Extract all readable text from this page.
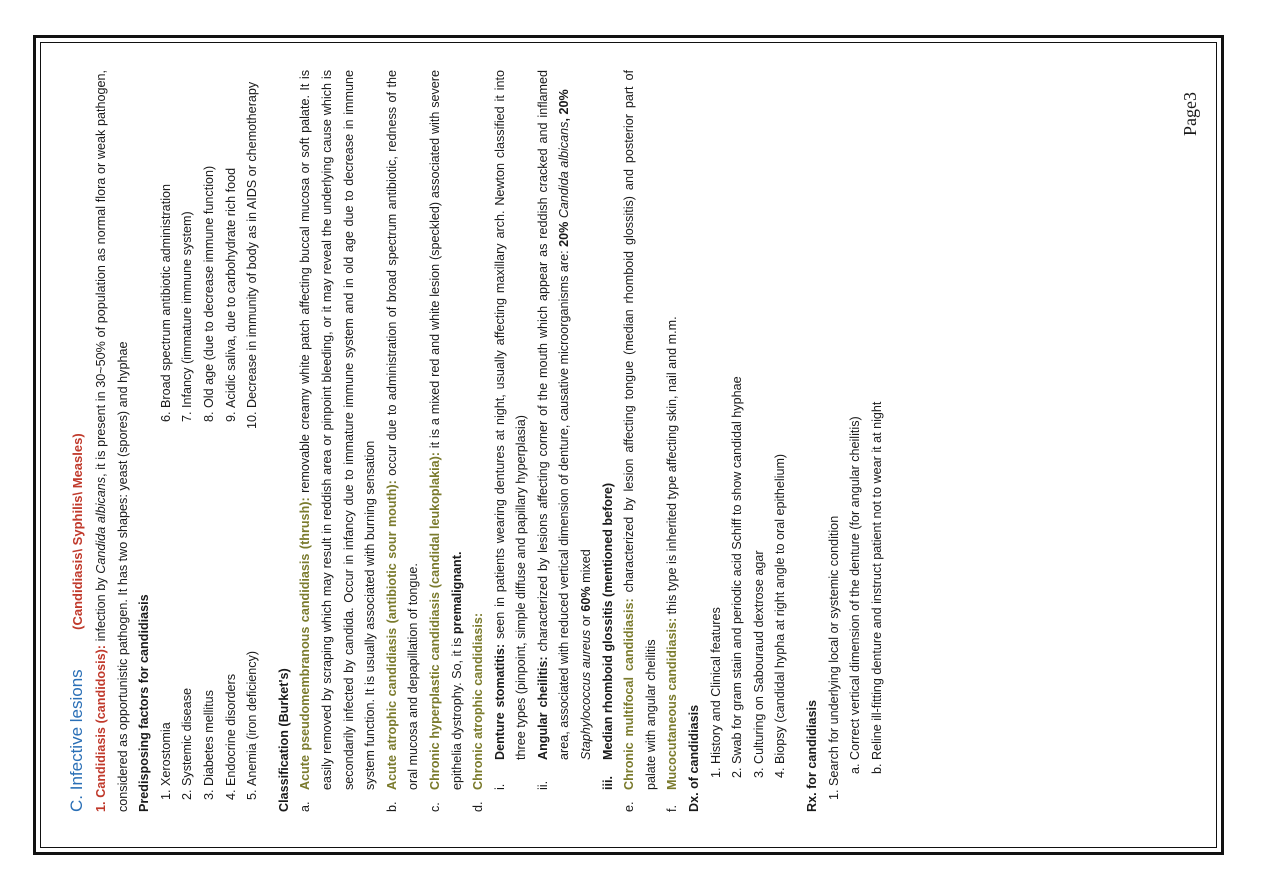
C. Infective lesions  (Candidiasis\ Syphilis\ Measles)

1. Candidiasis (candidosis): infection by Candida albicans, it is present in 30~50% of population as normal flora or weak pathogen, considered as opportunistic pathogen. It has two shapes: yeast (spores) and hyphae Predisposing factors for candidiasis 1. Xerostomia 2. Systemic disease 3. Diabetes mellitus 4. Endocrine disorders 5. Anemia (iron deficiency)
6. Broad spectrum antibiotic administration 7. Infancy (immature immune system) 8. Old age (due to decrease immune function) 9. Acidic saliva, due to carbohydrate rich food 10. Decrease in immunity of body as in AIDS or chemotherapy
Classification (Burket's) a.

Acute pseudomembranous candidiasis (thrush): removable creamy white patch affecting buccal mucosa or soft palate. It is easily removed by scraping which may result in reddish area or pinpoint bleeding, or it may reveal the underlying cause which is secondarily infected by candida. Occur in infancy due to immature immune system and in old age due to decrease in immune system function. It is usually associated with burning sensation

b.

Acute atrophic candidiasis (antibiotic sour mouth): occur due to administration of broad spectrum antibiotic, redness of the oral mucosa and depapillation of tongue.

c.

Chronic hyperplastic candidiasis (candidal leukoplakia): it is a mixed red and white lesion (speckled) associated with severe epithelia dystrophy. So, it is premalignant.

d.

Chronic atrophic candidiasis: i.

Denture stomatitis: seen in patients wearing dentures at night, usually affecting maxillary arch. Newton classified it into three types (pinpoint, simple diffuse and papillary hyperplasia)

ii.

Angular cheilitis: characterized by lesions affecting corner of the mouth which appear as reddish cracked and inflamed area, associated with reduced vertical dimension of denture, causative microorganisms are: 20% Candida albicans, 20%
Staphylococcus aureus or 60% mixed

iii.

Median rhomboid glossitis (mentioned before)

e.

Chronic multifocal candidiasis: characterized by lesion affecting tongue (median rhomboid glossitis) and posterior part of palate with angular cheilitis

f.

Mucocutaneous candidiasis: this type is inherited type affecting skin, nail and m.m.

Dx. of candidiasis 1. History and Clinical features 2. Swab for gram stain and periodic acid Schiff to show candidal hyphae 3. Culturing on Sabouraud dextrose agar 4. Biopsy (candidal hypha at right angle to oral epithelium)	Rx. for candidiasis 1. Search for underlying local or systemic condition a. Correct vertical dimension of the denture (for angular cheilitis) b. Reline ill-fitting denture and instruct patient not to wear it at night
Page3
